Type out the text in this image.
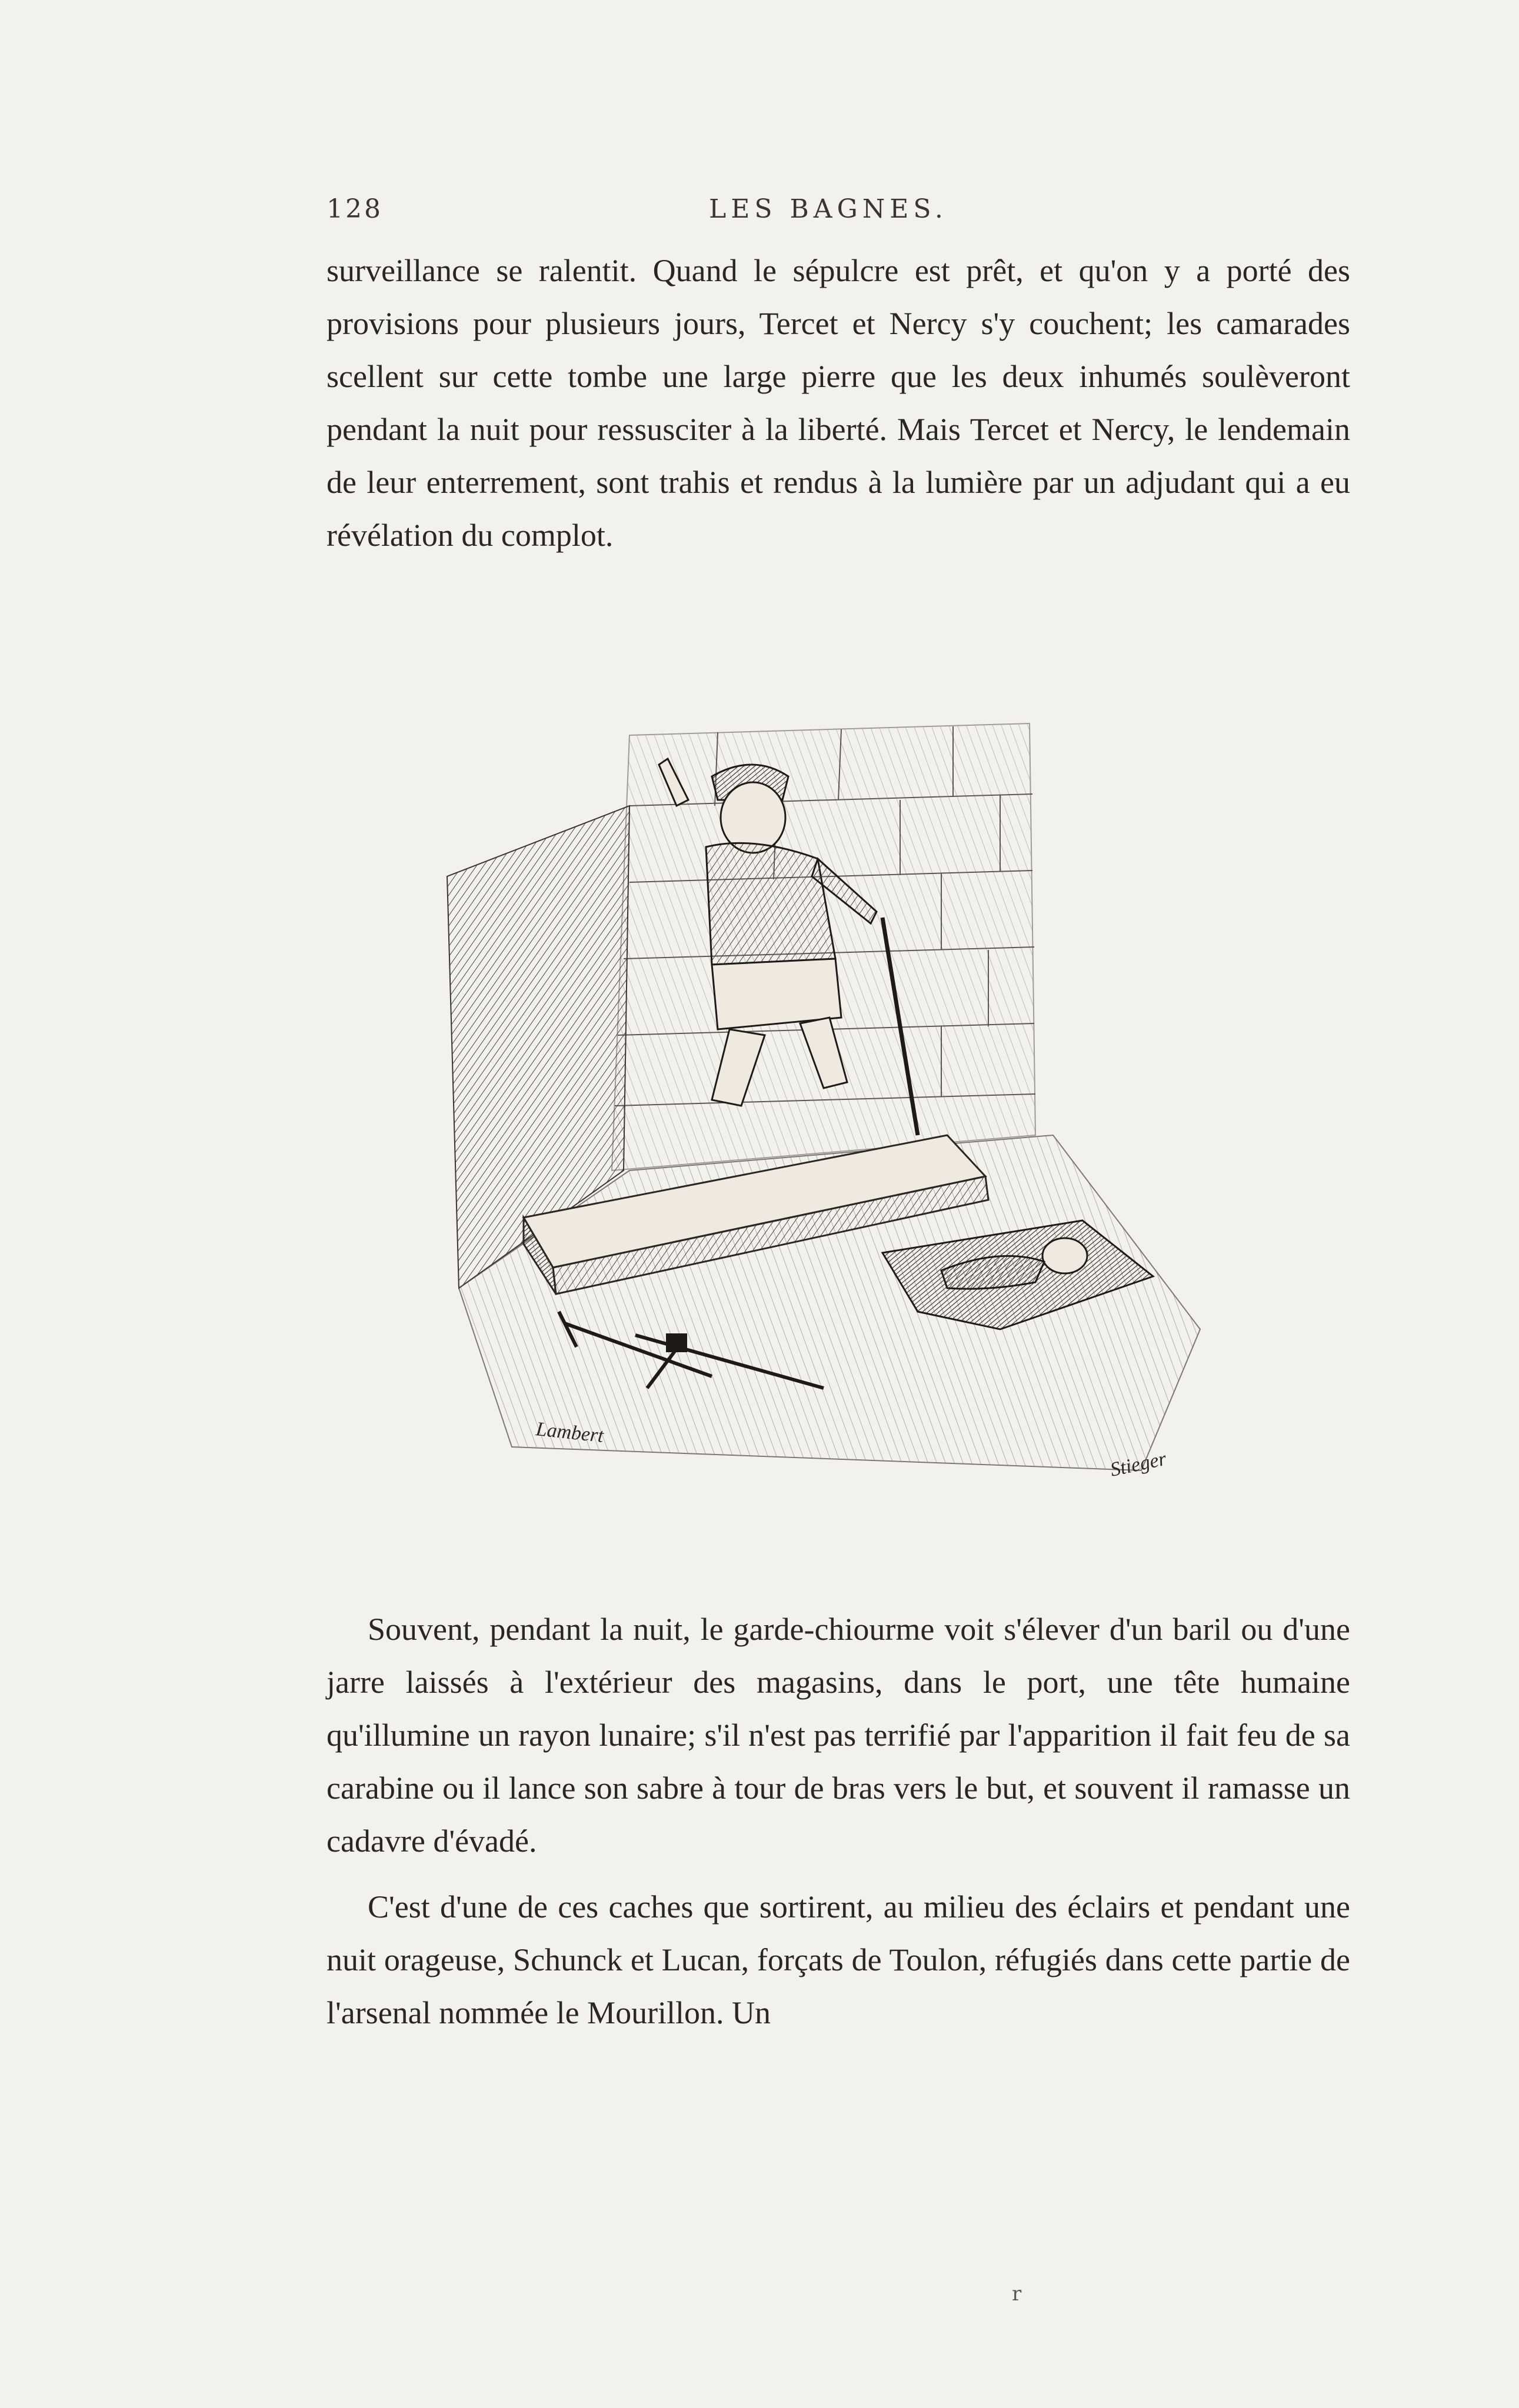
128	LES BAGNES.

surveillance se ralentit. Quand le sépulcre est prêt, et qu'on y a porté des provisions pour plusieurs jours, Tercet et Nercy s'y couchent; les camarades scellent sur cette tombe une large pierre que les deux inhumés soulèveront pendant la nuit pour ressusciter à la liberté. Mais Tercet et Nercy, le lendemain de leur enterrement, sont trahis et rendus à la lumière par un adjudant qui a eu révélation du complot.

Lambert
Stieger

Souvent, pendant la nuit, le garde-chiourme voit s'élever d'un baril ou d'une jarre laissés à l'extérieur des magasins, dans le port, une tête humaine qu'illumine un rayon lunaire; s'il n'est pas terrifié par l'apparition il fait feu de sa carabine ou il lance son sabre à tour de bras vers le but, et souvent il ramasse un cadavre d'évadé.

C'est d'une de ces caches que sortirent, au milieu des éclairs et pendant une nuit orageuse, Schunck et Lucan, forçats de Toulon, réfugiés dans cette partie de l'arsenal nommée le Mourillon. Un

r
